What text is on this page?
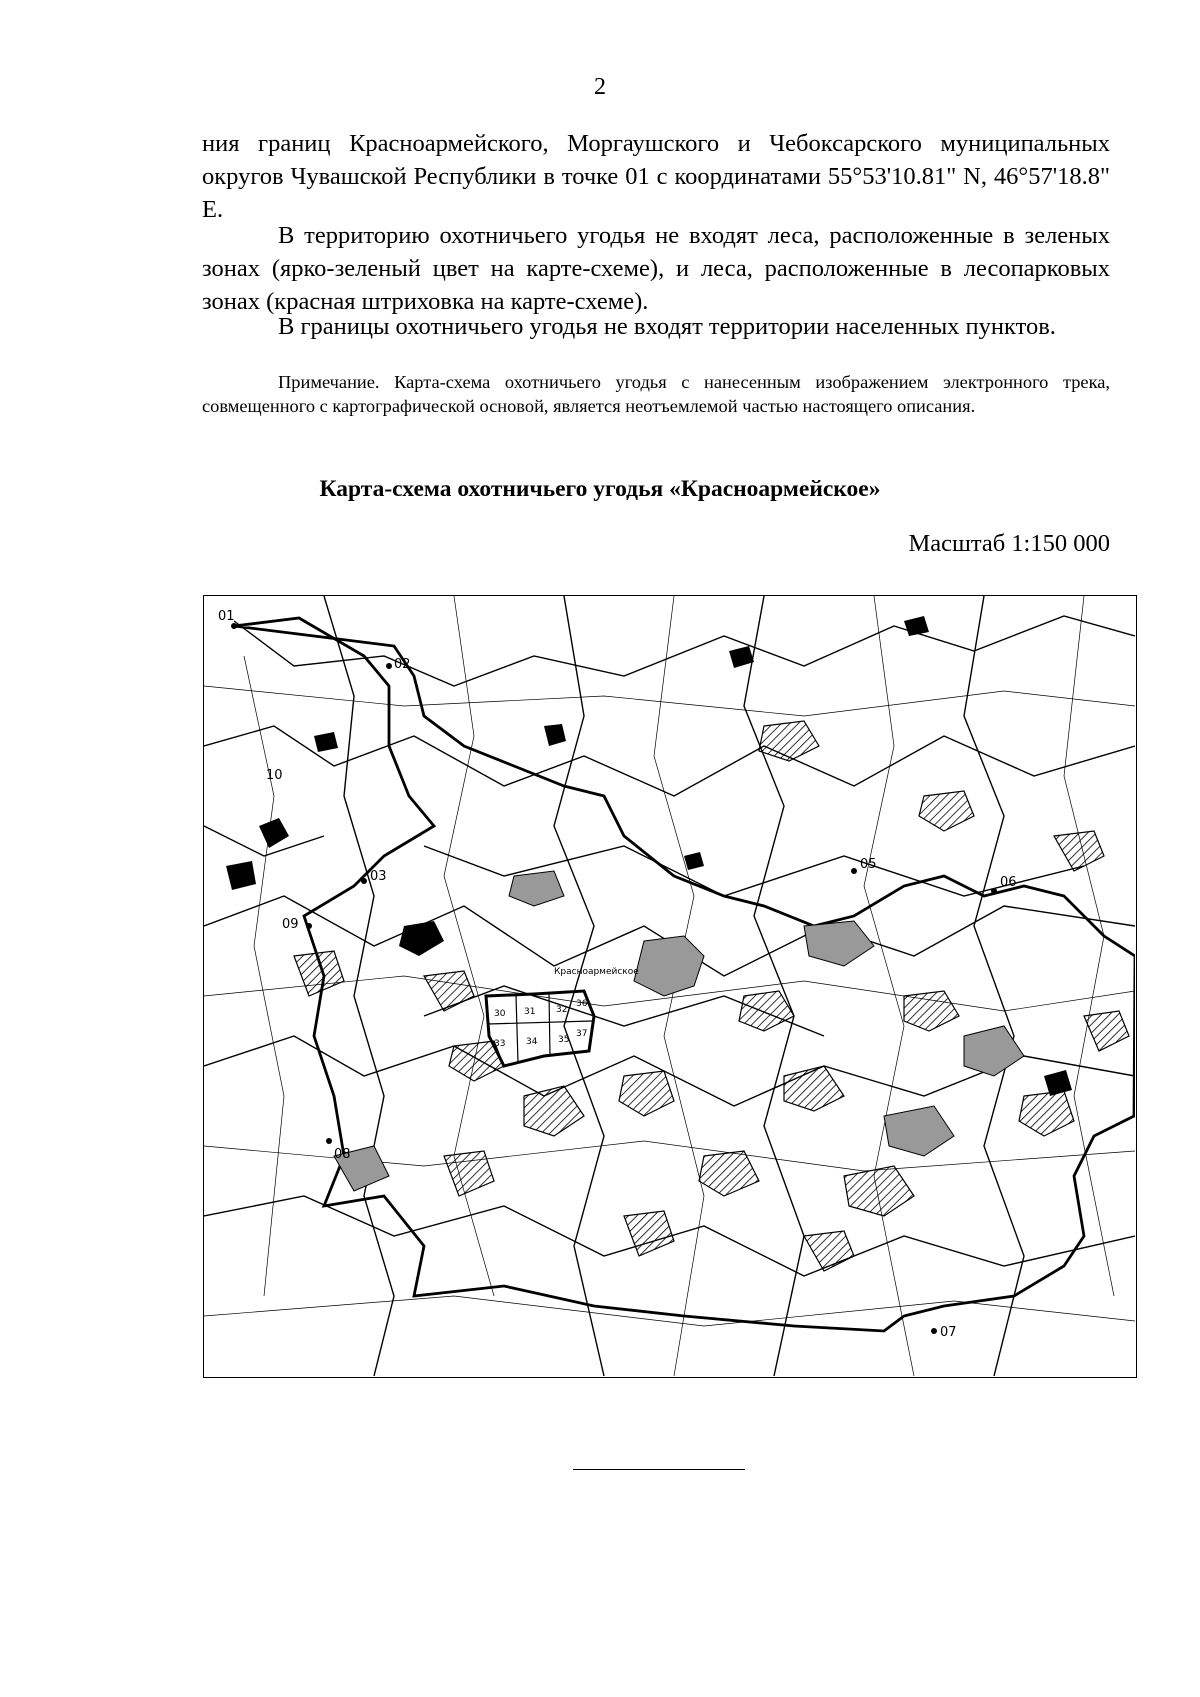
2

ния границ Красноармейского, Моргаушского и Чебоксарского муниципальных округов Чувашской Республики в точке 01 с координатами 55°53'10.81" N, 46°57'18.8" E.

В территорию охотничьего угодья не входят леса, расположенные в зеленых зонах (ярко-зеленый цвет на карте-схеме), и леса, расположенные в лесопарковых зонах (красная штриховка на карте-схеме).

В границы охотничьего угодья не входят территории населенных пунктов.

Примечание. Карта-схема охотничьего угодья с нанесенным изображением электронного трека, совмещенного с картографической основой, является неотъемлемой частью настоящего описания.

Карта-схема охотничьего угодья «Красноармейское»
Масштаб 1:150 000
30 31 32
33 34 35
36
37
Красноармейское
01
02
03
05
06
07
08
09
10
